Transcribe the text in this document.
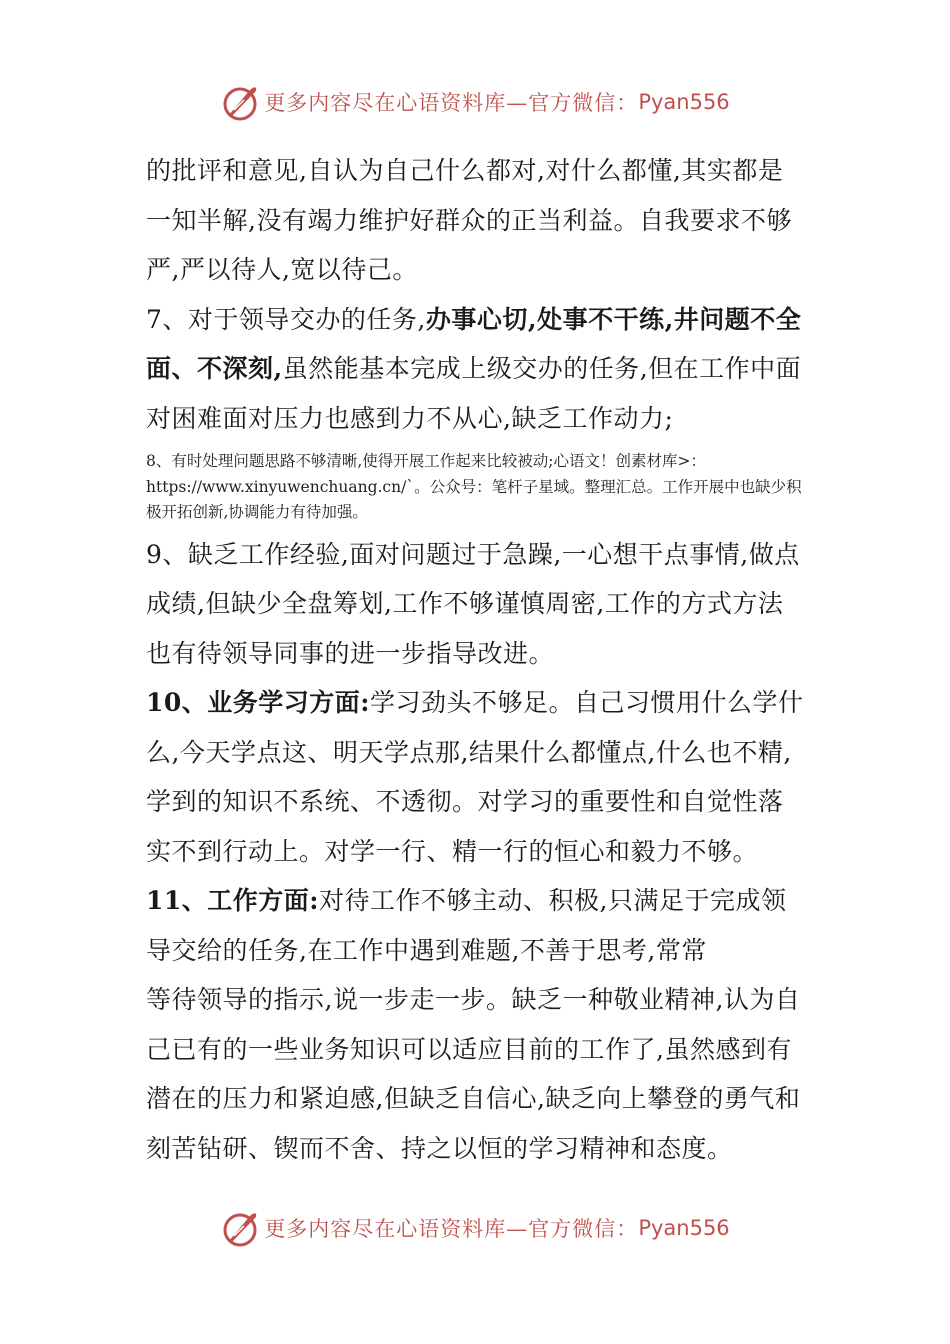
更多内容尽在心语资料库—官方微信： Pyan556

的批评和意见,自认为自己什么都对,对什么都懂,其实都是一知半解,没有竭力维护好群众的正当利益。自我要求不够严,严以待人,宽以待己。

7、对于领导交办的任务,办事心切,处事不干练,井问题不全面、不深刻,虽然能基本完成上级交办的任务,但在工作中面对困难面对压力也感到力不从心,缺乏工作动力;

8、有时处理问题思路不够清晰,使得开展工作起来比较被动;心语文！创素材库>：https://www.xinyuwenchuang.cn/`。公众号：笔杆子星域。整理汇总。工作开展中也缺少积极开拓创新,协调能力有待加强。

9、缺乏工作经验,面对问题过于急躁,一心想干点事情,做点成绩,但缺少全盘筹划,工作不够谨慎周密,工作的方式方法也有待领导同事的进一步指导改进。

10、业务学习方面:学习劲头不够足。自己习惯用什么学什么,今天学点这、明天学点那,结果什么都懂点,什么也不精,学到的知识不系统、不透彻。对学习的重要性和自觉性落实不到行动上。对学一行、精一行的恒心和毅力不够。

11、工作方面:对待工作不够主动、积极,只满足于完成领导交给的任务,在工作中遇到难题,不善于思考,常常

等待领导的指示,说一步走一步。缺乏一种敬业精神,认为自己已有的一些业务知识可以适应目前的工作了,虽然感到有潜在的压力和紧迫感,但缺乏自信心,缺乏向上攀登的勇气和刻苦钻研、锲而不舍、持之以恒的学习精神和态度。

更多内容尽在心语资料库—官方微信： Pyan556
